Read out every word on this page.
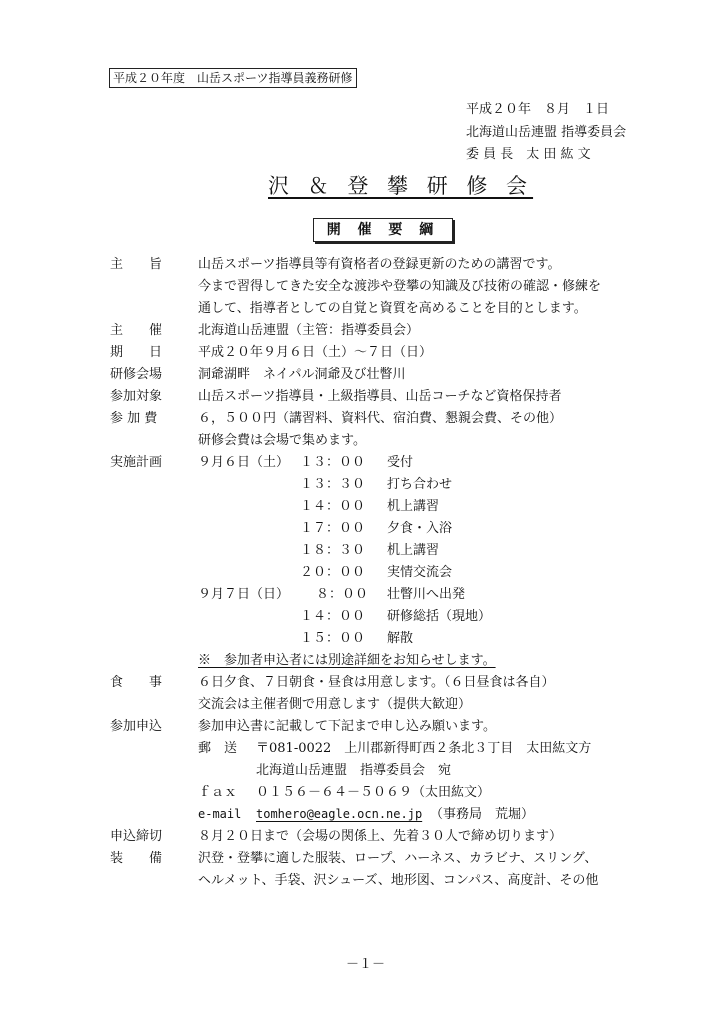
平成２０年度　山岳スポーツ指導員義務研修
平成２０年　８月　１日
北海道山岳連盟 指導委員会
委 員 長　太 田 紘 文
沢 ＆ 登 攀 研 修 会
開 催 要 綱
主　　旨	山岳スポーツ指導員等有資格者の登録更新のための講習です。
今まで習得してきた安全な渡渉や登攀の知識及び技術の確認・修練を
通して、指導者としての自覚と資質を高めることを目的とします。
主　　催	北海道山岳連盟（主管：指導委員会）
期　　日	平成２０年９月６日（土）～７日（日）
研修会場	洞爺湖畔　ネイパル洞爺及び壮瞥川
参加対象	山岳スポーツ指導員・上級指導員、山岳コーチなど資格保持者
参 加 費	６，５００円（講習料、資料代、宿泊費、懇親会費、その他）
研修会費は会場で集めます。
実施計画	９月６日（土） １３：００ 受付
１３：３０ 打ち合わせ
１４：００ 机上講習
１７：００ 夕食・入浴
１８：３０ 机上講習
２０：００ 実情交流会
９月７日（日） ８：００ 壮瞥川へ出発
１４：００ 研修総括（現地）
１５：００ 解散
※　参加者申込者には別途詳細をお知らせします。
食　　事	６日夕食、７日朝食・昼食は用意します。（６日昼食は各自）
交流会は主催者側で用意します（提供大歓迎）
参加申込	参加申込書に記載して下記まで申し込み願います。
郵　送 〒081-0022　上川郡新得町西２条北３丁目　太田紘文方
北海道山岳連盟　指導委員会　宛
ｆａｘ ０１５６－６４－５０６９（太田紘文）
e-mail tomhero@eagle.ocn.ne.jp （事務局　荒堀）
申込締切	８月２０日まで（会場の関係上、先着３０人で締め切ります）
装　　備	沢登・登攀に適した服装、ロープ、ハーネス、カラビナ、スリング、
ヘルメット、手袋、沢シューズ、地形図、コンパス、高度計、その他
－１－
